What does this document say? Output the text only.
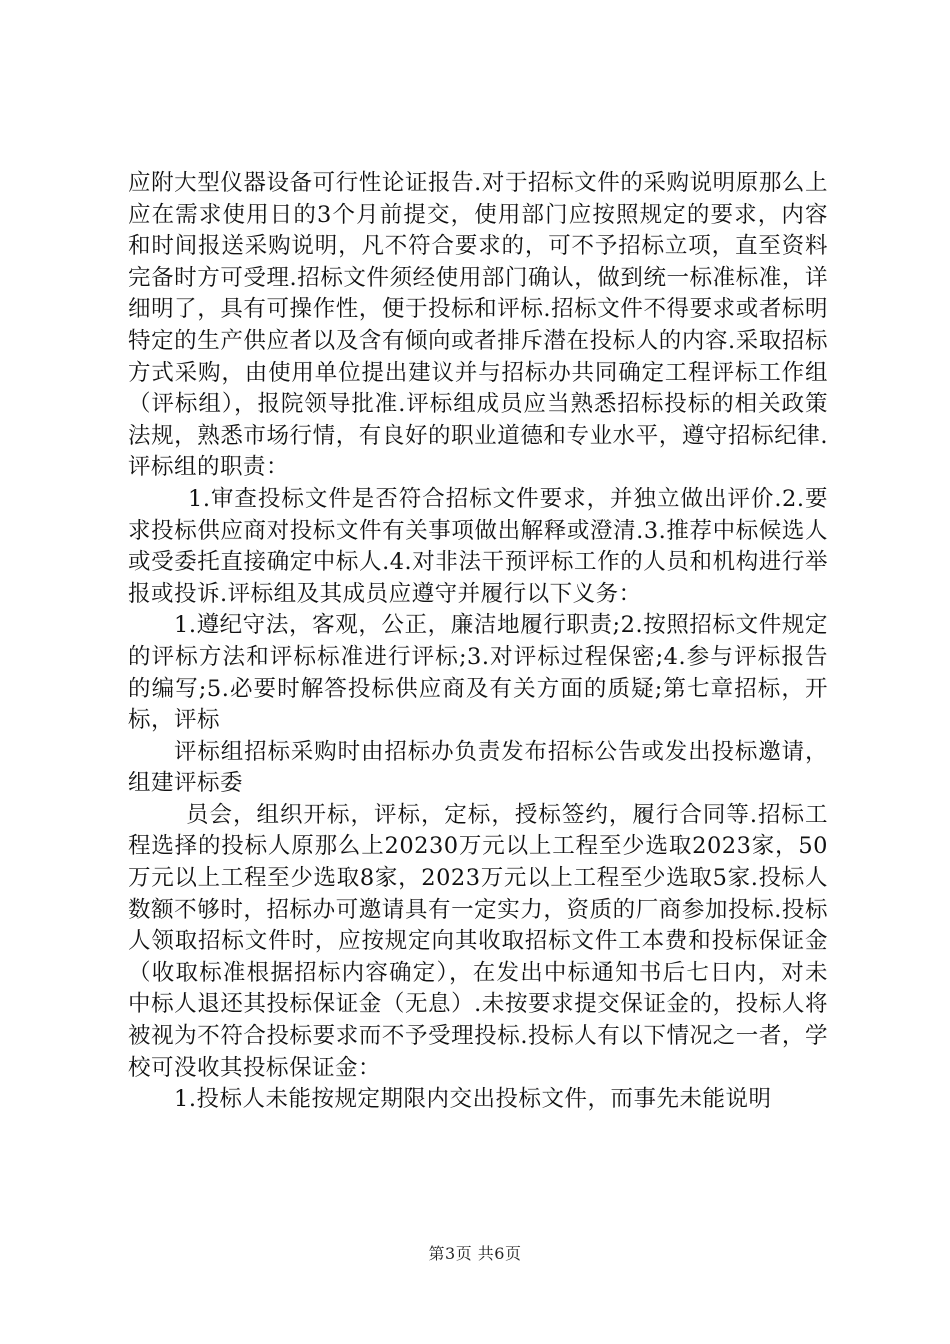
应附大型仪器设备可行性论证报告.对于招标文件的采购说明原那么上应在需求使用日的3个月前提交，使用部门应按照规定的要求，内容和时间报送采购说明，凡不符合要求的，可不予招标立项，直至资料完备时方可受理.招标文件须经使用部门确认，做到统一标准标准，详细明了，具有可操作性，便于投标和评标.招标文件不得要求或者标明特定的生产供应者以及含有倾向或者排斥潜在投标人的内容.采取招标方式采购，由使用单位提出建议并与招标办共同确定工程评标工作组（评标组），报院领导批准.评标组成员应当熟悉招标投标的相关政策法规，熟悉市场行情，有良好的职业道德和专业水平，遵守招标纪律.评标组的职责：

1.审查投标文件是否符合招标文件要求，并独立做出评价.2.要求投标供应商对投标文件有关事项做出解释或澄清.3.推荐中标候选人或受委托直接确定中标人.4.对非法干预评标工作的人员和机构进行举报或投诉.评标组及其成员应遵守并履行以下义务：

1.遵纪守法，客观，公正，廉洁地履行职责;2.按照招标文件规定的评标方法和评标标准进行评标;3.对评标过程保密;4.参与评标报告的编写;5.必要时解答投标供应商及有关方面的质疑;第七章招标，开标，评标

评标组招标采购时由招标办负责发布招标公告或发出投标邀请，组建评标委

员会，组织开标，评标，定标，授标签约，履行合同等.招标工程选择的投标人原那么上20230万元以上工程至少选取2023家，50万元以上工程至少选取8家，2023万元以上工程至少选取5家.投标人数额不够时，招标办可邀请具有一定实力，资质的厂商参加投标.投标人领取招标文件时，应按规定向其收取招标文件工本费和投标保证金（收取标准根据招标内容确定），在发出中标通知书后七日内，对未中标人退还其投标保证金（无息）.未按要求提交保证金的，投标人将被视为不符合投标要求而不予受理投标.投标人有以下情况之一者，学校可没收其投标保证金：

1.投标人未能按规定期限内交出投标文件，而事先未能说明

第3页 共6页
